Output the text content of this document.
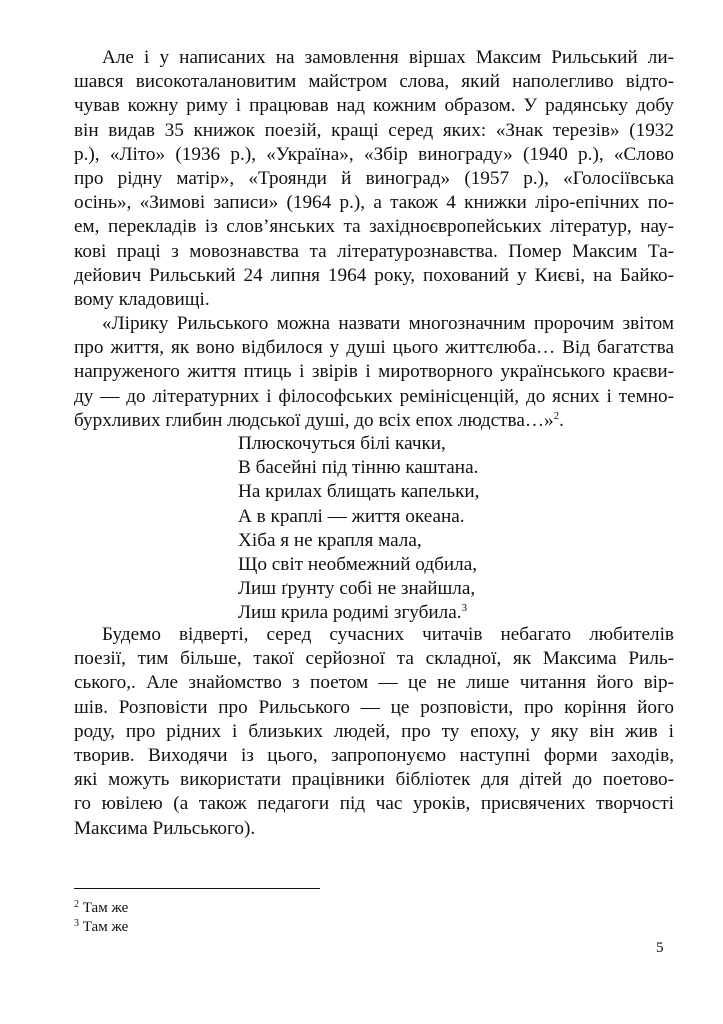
Але і у написаних на замовлення віршах Максим Рильський ли-
шався високоталановитим майстром слова, який наполегливо відто-
чував кожну риму і працював над кожним образом. У радянську добу
він видав 35 книжок поезій, кращі серед яких: «Знак терезів» (1932
р.), «Літо» (1936 р.), «Україна», «Збір винограду» (1940 р.), «Слово
про рідну матір», «Троянди й виноград» (1957 р.), «Голосіївська
осінь», «Зимові записи» (1964 р.), а також 4 книжки ліро-епічних по-
ем, перекладів із слов’янських та західноєвропейських літератур, нау-
кові праці з мовознавства та літературознавства. Помер Максим Та-
дейович Рильський 24 липня 1964 року, похований у Києві, на Байко-
вому кладовищі.
«Лірику Рильського можна назвати многозначним пророчим звітом
про життя, як воно відбилося у душі цього життєлюба… Від багатства
напруженого життя птиць і звірів і миротворного українського краєви-
ду — до літературних і філософських ремінісценцій, до ясних і темно-
бурхливих глибин людської душі, до всіх епох людства…»$^2$.
Плюскочуться білі качки,
В басейні під тінню каштана.
На крилах блищать капельки,
А в краплі — життя океана.
Хіба я не крапля мала,
Що світ необмежний одбила,
Лиш ґрунту собі не знайшла,
Лиш крила родимі згубила.$^3$
Будемо відверті, серед сучасних читачів небагато любителів
поезії, тим більше, такої серйозної та складної, як Максима Риль-
ського,. Але знайомство з поетом — це не лише читання його вір-
шів. Розповісти про Рильського — це розповісти, про коріння його
роду, про рідних і близьких людей, про ту епоху, у яку він жив і
творив. Виходячи із цього, запропонуємо наступні форми заходів,
які можуть використати працівники бібліотек для дітей до поетово-
го ювілею (а також педагоги під час уроків, присвячених творчості
Максима Рильського).
$^2$ Там же
$^3$ Там же
5
